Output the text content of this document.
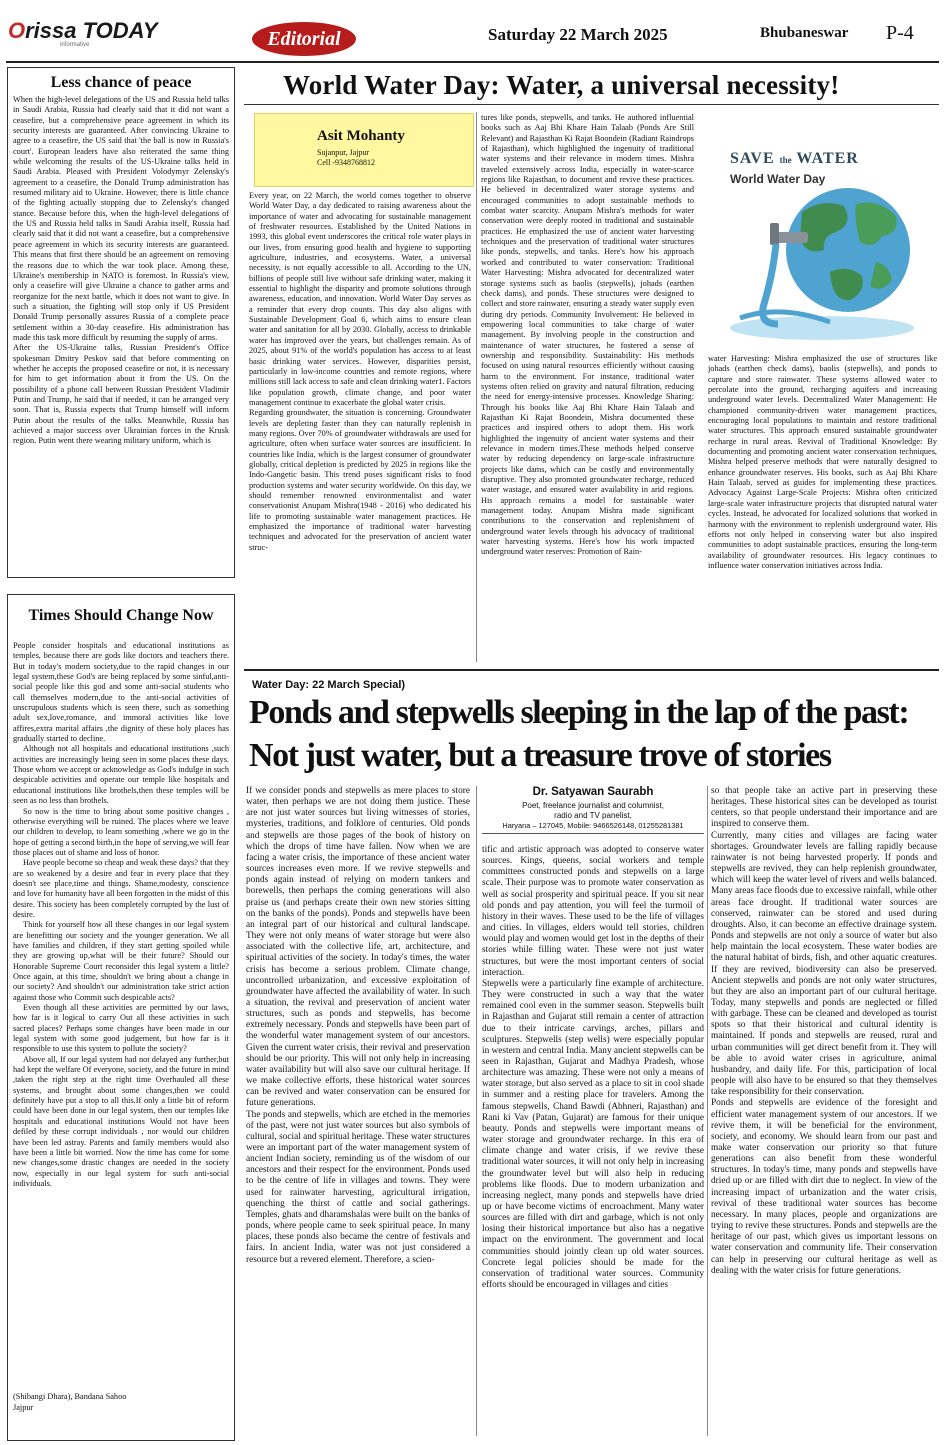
Orissa TODAY
informative	Editorial	Saturday 22 March 2025	Bhubaneswar P-4
Less chance of peace
When the high-level delegations of the US and Russia held talks in Saudi Arabia, Russia had clearly said that it did not want a ceasefire, but a comprehensive peace agreement in which its security interests are guaranteed. After convincing Ukraine to agree to a ceasefire, the US said that 'the ball is now in Russia's court'. European leaders have also reiterated the same thing while welcoming the results of the US-Ukraine talks held in Saudi Arabia. Pleased with President Volodymyr Zelensky's agreement to a ceasefire, the Donald Trump administration has resumed military aid to Ukraine. However, there is little chance of the fighting actually stopping due to Zelensky's changed stance. Because before this, when the high-level delegations of the US and Russia held talks in Saudi Arabia itself, Russia had clearly said that it did not want a ceasefire, but a comprehensive peace agreement in which its security interests are guaranteed. This means that first there should be an agreement on removing the reasons due to which the war took place. Among these, Ukraine's membership in NATO is foremost. In Russia's view, only a ceasefire will give Ukraine a chance to gather arms and reorganize for the next battle, which it does not want to give. In such a situation, the fighting will stop only if US President Donald Trump personally assures Russia of a complete peace settlement within a 30-day ceasefire. His administration has made this task more difficult by resuming the supply of arms.
After the US-Ukraine talks, Russian President's Office spokesman Dmitry Peskov said that before commenting on whether he accepts the proposed ceasefire or not, it is necessary for him to get information about it from the US. On the possibility of a phone call between Russian President Vladimir Putin and Trump, he said that if needed, it can be arranged very soon. That is, Russia expects that Trump himself will inform Putin about the results of the talks. Meanwhile, Russia has achieved a major success over Ukrainian forces in the Krusk region. Putin went there wearing military uniform, which is
Times Should Change Now

People consider hospitals and educational institutions as temples, because there are gods like doctors and teachers there. But in today's modern society,due to the rapid changes in our legal system,these God's are being replaced by some sinful,anti-social people like this god and some anti-social students who call themselves modern,due to the anti-social activities of unscrupulous students which is seen there, such as something adult sex,love,romance, and immoral activities like love affires,extra marital affairs ,the dignity of these holy places has gradually started to decline.

Although not all hospitals and educational institutions ,such activities are increasingly being seen in some places these days. Those whom we accept or acknowledge as God's indulge in such despicable activities and operate our temple like hospitals and educational institutions like brothels,then these temples will be seen as no less than brothels.

So now is the time to bring about some positive changes , otherwise everything will be ruined. The places where we leave our children to develop, to learn something ,where we go in the hope of getting a second birth,in the hope of serving,we will fear those places out of shame and loss of honor.

Have people become so cheap and weak these days? that they are so weakened by a desire and fear in every place that they doesn't see place,time and things. Shame,modesty, conscience and love for humanity have all been forgotten in the midst of this desire. This society has been completely corrupted by the lust of desire.

Think for yourself how all these changes in our legal system are benefitting our society and the younger generation. We all have families and children, if they start getting spoiled while they are growing up,what will be their future? Should our Honorable Supreme Court reconsider this legal system a little? Once again, at this time, shouldn't we bring about a change in our society? And shouldn't our administration take strict action against those who Commit such despicable acts?

Even though all these activities are permitted by our laws, how far is it logical to carry Out all these activities in such sacred places? Perhaps some changes have been made in our legal system with some good judgement, but how far is it responsible to use this system to pollute the society?

Above all, If our legal system had not delayed any further,but had kept the welfare Of everyone, society, and the future in mind ,taken the right step at the right time Overhauled all these systems, and brought about some changes,then we could definitely have put a stop to all this.If only a little bit of reform could have been done in our legal system, then our temples like hospitals and educational institutions Would not have been defiled by these corrupt individuals , nor would our children have been led astray. Parents and family members would also have been a little bit worried. Now the time has come for some new changes,some drastic changes are needed in the society now, especially in our legal system for such anti-social individuals.

(Shibangi Dhara), Bandana Sahoo
Jajpur
World Water Day: Water, a universal necessity!
Asit Mohanty
Sujanpur, Jajpur
Cell -9348768812
Every year, on 22 March, the world comes together to observe World Water Day, a day dedicated to raising awareness about the importance of water and advocating for sustainable management of freshwater resources. Established by the United Nations in 1993, this global event underscores the critical role water plays in our lives, from ensuring good health and hygiene to supporting agriculture, industries, and ecosystems. Water, a universal necessity, is not equally accessible to all. According to the UN, billions of people still live without safe drinking water, making it essential to highlight the disparity and promote solutions through awareness, education, and innovation. World Water Day serves as a reminder that every drop counts. This day also aligns with Sustainable Development Goal 6, which aims to ensure clean water and sanitation for all by 2030. Globally, access to drinkable water has improved over the years, but challenges remain. As of 2025, about 91% of the world's population has access to at least basic drinking water services. However, disparities persist, particularly in low-income countries and remote regions, where millions still lack access to safe and clean drinking water1. Factors like population growth, climate change, and poor water management continue to exacerbate the global water crisis.
Regarding groundwater, the situation is concerning. Groundwater levels are depleting faster than they can naturally replenish in many regions. Over 70% of groundwater withdrawals are used for agriculture, often when surface water sources are insufficient. In countries like India, which is the largest consumer of groundwater globally, critical depletion is predicted by 2025 in regions like the Indo-Gangetic basin. This trend poses significant risks to food production systems and water security worldwide. On this day, we should remember renowned environmentalist and water conservationist Anupam Mishra(1948 - 2016) who dedicated his life to promoting sustainable water management practices. He emphasized the importance of traditional water harvesting techniques and advocated for the preservation of ancient water struc-
tures like ponds, stepwells, and tanks. He authored influential books such as Aaj Bhi Khare Hain Talaab (Ponds Are Still Relevant) and Rajasthan Ki Rajat Boondein (Radiant Raindrops of Rajasthan), which highlighted the ingenuity of traditional water systems and their relevance in modern times. Mishra traveled extensively across India, especially in water-scarce regions like Rajasthan, to document and revive these practices. He believed in decentralized water storage systems and encouraged communities to adopt sustainable methods to combat water scarcity. Anupam Mishra's methods for water conservation were deeply rooted in traditional and sustainable practices. He emphasized the use of ancient water harvesting techniques and the preservation of traditional water structures like ponds, stepwells, and tanks. Here's how his approach worked and contributed to water conservation: Traditional Water Harvesting: Mishra advocated for decentralized water storage systems such as baolis (stepwells), johads (earthen check dams), and ponds. These structures were designed to collect and store rainwater, ensuring a steady water supply even during dry periods. Community Involvement: He believed in empowering local communities to take charge of water management. By involving people in the construction and maintenance of water structures, he fostered a sense of ownership and responsibility. Sustainability: His methods focused on using natural resources efficiently without causing harm to the environment. For instance, traditional water systems often relied on gravity and natural filtration, reducing the need for energy-intensive processes. Knowledge Sharing: Through his books like Aaj Bhi Khare Hain Talaab and Rajasthan Ki Rajat Boondein, Mishra documented these practices and inspired others to adopt them. His work highlighted the ingenuity of ancient water systems and their relevance in modern times.These methods helped conserve water by reducing dependency on large-scale infrastructure projects like dams, which can be costly and environmentally disruptive. They also promoted groundwater recharge, reduced water wastage, and ensured water availability in arid regions. His approach remains a model for sustainable water management today. Anupam Mishra made significant contributions to the conservation and replenishment of underground water levels through his advocacy of traditional water harvesting systems. Here's how his work impacted underground water reserves: Promotion of Rain-
SAVE the WATER
World Water Day
water Harvesting: Mishra emphasized the use of structures like johads (earthen check dams), baolis (stepwells), and ponds to capture and store rainwater. These systems allowed water to percolate into the ground, recharging aquifers and increasing underground water levels. Decentralized Water Management: He championed community-driven water management practices, encouraging local populations to maintain and restore traditional water structures. This approach ensured sustainable groundwater recharge in rural areas. Revival of Traditional Knowledge: By documenting and promoting ancient water conservation techniques, Mishra helped preserve methods that were naturally designed to enhance groundwater reserves. His books, such as Aaj Bhi Khare Hain Talaab, served as guides for implementing these practices. Advocacy Against Large-Scale Projects: Mishra often criticized large-scale water infrastructure projects that disrupted natural water cycles. Instead, he advocated for localized solutions that worked in harmony with the environment to replenish underground water. His efforts not only helped in conserving water but also inspired communities to adopt sustainable practices, ensuring the long-term availability of groundwater resources. His legacy continues to influence water conservation initiatives across India.
Water Day: 22 March Special)
Ponds and stepwells sleeping in the lap of the past:
Not just water, but a treasure trove of stories

If we consider ponds and stepwells as mere places to store water, then perhaps we are not doing them justice. These are not just water sources but living witnesses of stories, mysteries, traditions, and folklore of centuries. Old ponds and stepwells are those pages of the book of history on which the drops of time have fallen. Now when we are facing a water crisis, the importance of these ancient water sources increases even more. If we revive stepwells and ponds again instead of relying on modern tankers and borewells, then perhaps the coming generations will also praise us (and perhaps create their own new stories sitting on the banks of the ponds). Ponds and stepwells have been an integral part of our historical and cultural landscape. They were not only means of water storage but were also associated with the collective life, art, architecture, and spiritual activities of the society. In today's times, the water crisis has become a serious problem. Climate change, uncontrolled urbanization, and excessive exploitation of groundwater have affected the availability of water. In such a situation, the revival and preservation of ancient water structures, such as ponds and stepwells, has become extremely necessary. Ponds and stepwells have been part of the wonderful water management system of our ancestors. Given the current water crisis, their revival and preservation should be our priority. This will not only help in increasing water availability but will also save our cultural heritage. If we make collective efforts, these historical water sources can be revived and water conservation can be ensured for future generations.

The ponds and stepwells, which are etched in the memories of the past, were not just water sources but also symbols of cultural, social and spiritual heritage. These water structures were an important part of the water management system of ancient Indian society, reminding us of the wisdom of our ancestors and their respect for the environment. Ponds used to be the centre of life in villages and towns. They were used for rainwater harvesting, agricultural irrigation, quenching the thirst of cattle and social gatherings. Temples, ghats and dharamshalas were built on the banks of ponds, where people came to seek spiritual peace. In many places, these ponds also became the centre of festivals and fairs. In ancient India, water was not just considered a resource but a revered element. Therefore, a scien-

Dr. Satyawan Saurabh
Poet, freelance journalist and columnist,
radio and TV panelist,
Haryana – 127045, Mobile: 9466526148, 01255281381

tific and artistic approach was adopted to conserve water sources. Kings, queens, social workers and temple committees constructed ponds and stepwells on a large scale. Their purpose was to promote water conservation as well as social prosperity and spiritual peace. If you sit near old ponds and pay attention, you will feel the turmoil of history in their waves. These used to be the life of villages and cities. In villages, elders would tell stories, children would play and women would get lost in the depths of their stories while filling water. These were not just water structures, but were the most important centers of social interaction.

Stepwells were a particularly fine example of architecture. They were constructed in such a way that the water remained cool even in the summer season. Stepwells built in Rajasthan and Gujarat still remain a center of attraction due to their intricate carvings, arches, pillars and sculptures. Stepwells (step wells) were especially popular in western and central India. Many ancient stepwells can be seen in Rajasthan, Gujarat and Madhya Pradesh, whose architecture was amazing. These were not only a means of water storage, but also served as a place to sit in cool shade in summer and a resting place for travelers. Among the famous stepwells, Chand Bawdi (Abhneri, Rajasthan) and Rani ki Vav (Patan, Gujarat) are famous for their unique beauty. Ponds and stepwells were important means of water storage and groundwater recharge. In this era of climate change and water crisis, if we revive these traditional water sources, it will not only help in increasing the groundwater level but will also help in reducing problems like floods. Due to modern urbanization and increasing neglect, many ponds and stepwells have dried up or have become victims of encroachment. Many water sources are filled with dirt and garbage, which is not only losing their historical importance but also has a negative impact on the environment. The government and local communities should jointly clean up old water sources. Concrete legal policies should be made for the conservation of traditional water sources. Community efforts should be encouraged in villages and cities

so that people take an active part in preserving these heritages. These historical sites can be developed as tourist centers, so that people understand their importance and are inspired to conserve them.

Currently, many cities and villages are facing water shortages. Groundwater levels are falling rapidly because rainwater is not being harvested properly. If ponds and stepwells are revived, they can help replenish groundwater, which will keep the water level of rivers and wells balanced. Many areas face floods due to excessive rainfall, while other areas face drought. If traditional water sources are conserved, rainwater can be stored and used during droughts. Also, it can become an effective drainage system. Ponds and stepwells are not only a source of water but also help maintain the local ecosystem. These water bodies are the natural habitat of birds, fish, and other aquatic creatures. If they are revived, biodiversity can also be preserved. Ancient stepwells and ponds are not only water structures, but they are also an important part of our cultural heritage. Today, many stepwells and ponds are neglected or filled with garbage. These can be cleaned and developed as tourist spots so that their historical and cultural identity is maintained. If ponds and stepwells are reused, rural and urban communities will get direct benefit from it. They will be able to avoid water crises in agriculture, animal husbandry, and daily life. For this, participation of local people will also have to be ensured so that they themselves take responsibility for their conservation.

Ponds and stepwells are evidence of the foresight and efficient water management system of our ancestors. If we revive them, it will be beneficial for the environment, society, and economy. We should learn from our past and make water conservation our priority so that future generations can also benefit from these wonderful structures. In today's time, many ponds and stepwells have dried up or are filled with dirt due to neglect. In view of the increasing impact of urbanization and the water crisis, revival of these traditional water sources has become necessary. In many places, people and organizations are trying to revive these structures. Ponds and stepwells are the heritage of our past, which gives us important lessons on water conservation and community life. Their conservation can help in preserving our cultural heritage as well as dealing with the water crisis for future generations.
